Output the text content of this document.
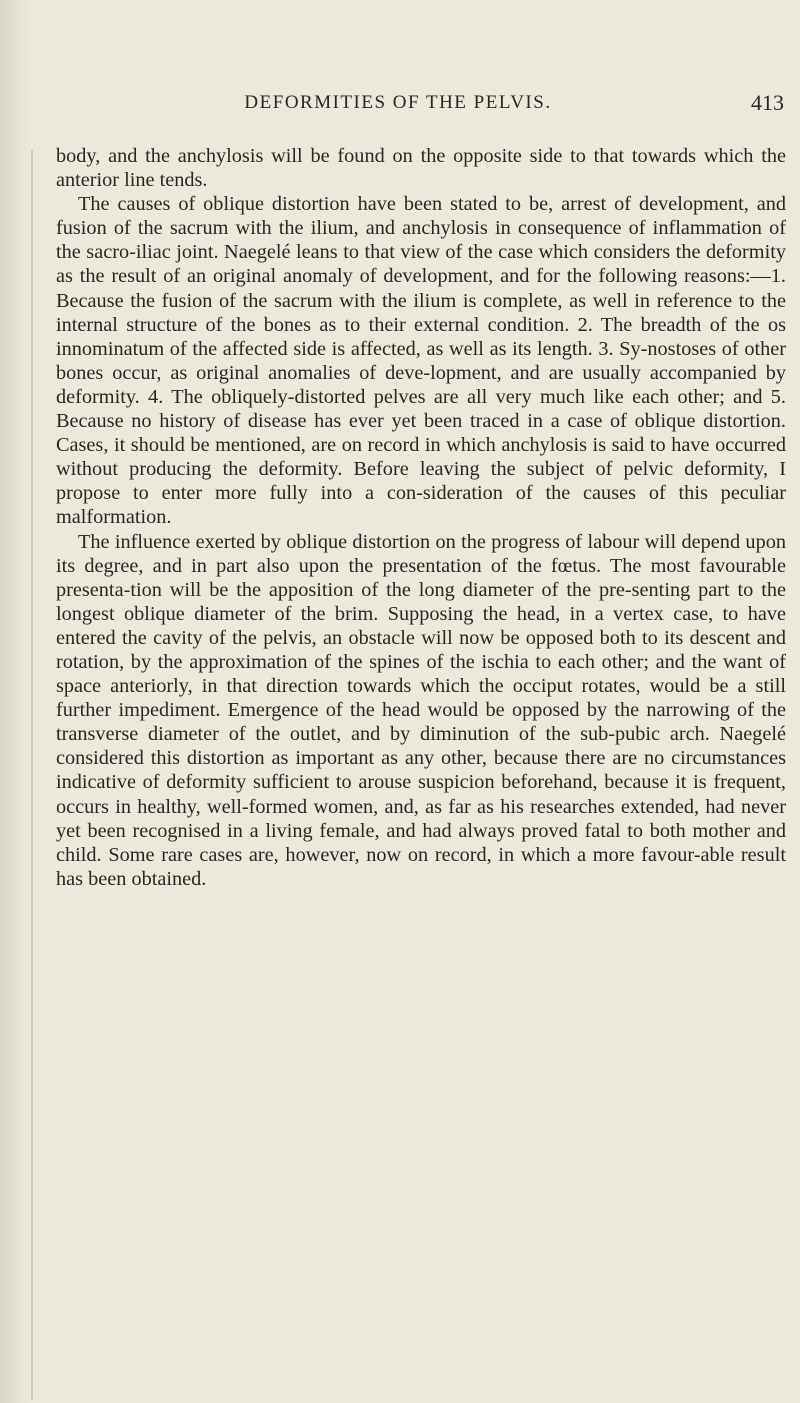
DEFORMITIES OF THE PELVIS.	413

body, and the anchylosis will be found on the opposite side to that towards which the anterior line tends.

The causes of oblique distortion have been stated to be, arrest of development, and fusion of the sacrum with the ilium, and anchylosis in consequence of inflammation of the sacro-iliac joint. Naegelé leans to that view of the case which considers the deformity as the result of an original anomaly of development, and for the following reasons:—1. Because the fusion of the sacrum with the ilium is complete, as well in reference to the internal structure of the bones as to their external condition. 2. The breadth of the os innominatum of the affected side is affected, as well as its length. 3. Sy-nostoses of other bones occur, as original anomalies of deve-lopment, and are usually accompanied by deformity. 4. The obliquely-distorted pelves are all very much like each other; and 5. Because no history of disease has ever yet been traced in a case of oblique distortion. Cases, it should be mentioned, are on record in which anchylosis is said to have occurred without producing the deformity. Before leaving the subject of pelvic deformity, I propose to enter more fully into a con-sideration of the causes of this peculiar malformation.

The influence exerted by oblique distortion on the progress of labour will depend upon its degree, and in part also upon the presentation of the fœtus. The most favourable presenta-tion will be the apposition of the long diameter of the pre-senting part to the longest oblique diameter of the brim. Supposing the head, in a vertex case, to have entered the cavity of the pelvis, an obstacle will now be opposed both to its descent and rotation, by the approximation of the spines of the ischia to each other; and the want of space anteriorly, in that direction towards which the occiput rotates, would be a still further impediment. Emergence of the head would be opposed by the narrowing of the transverse diameter of the outlet, and by diminution of the sub-pubic arch. Naegelé considered this distortion as important as any other, because there are no circumstances indicative of deformity sufficient to arouse suspicion beforehand, because it is frequent, occurs in healthy, well-formed women, and, as far as his researches extended, had never yet been recognised in a living female, and had always proved fatal to both mother and child. Some rare cases are, however, now on record, in which a more favour-able result has been obtained.
